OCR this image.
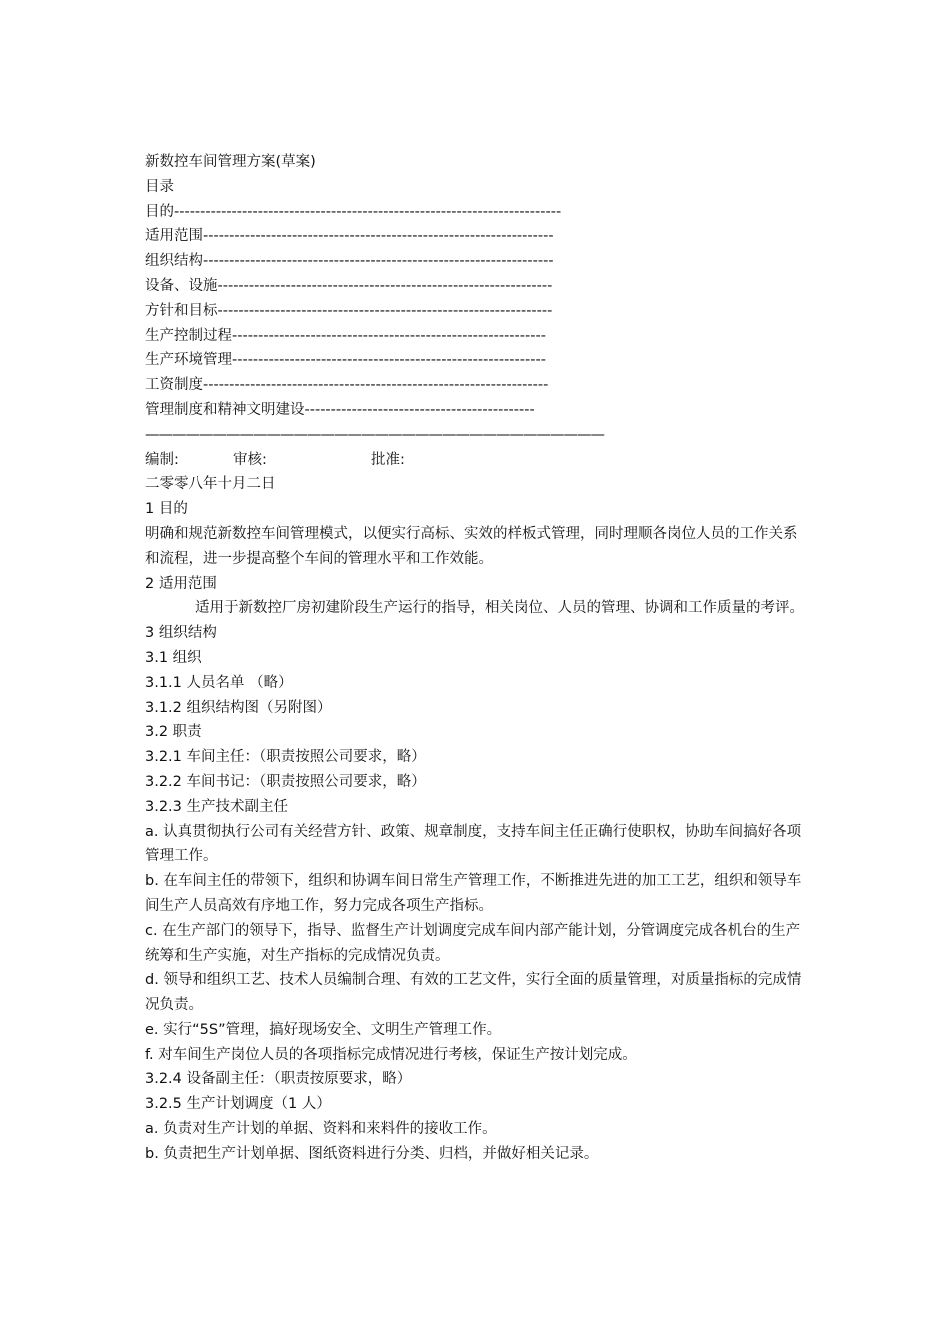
新数控车间管理方案(草案)

目录

目的--------------------------------------------------------------------------

适用范围-------------------------------------------------------------------

组织结构-------------------------------------------------------------------

设备、设施----------------------------------------------------------------

方针和目标----------------------------------------------------------------

生产控制过程------------------------------------------------------------

生产环境管理------------------------------------------------------------

工资制度------------------------------------------------------------------

管理制度和精神文明建设--------------------------------------------

——————————————————————————————————

编制:	审核:	批准:

二零零八年十月二日

1 目的

明确和规范新数控车间管理模式，以便实行高标、实效的样板式管理，同时理顺各岗位人员的工作关系和流程，进一步提高整个车间的管理水平和工作效能。

2 适用范围

适用于新数控厂房初建阶段生产运行的指导，相关岗位、人员的管理、协调和工作质量的考评。

3 组织结构

3.1 组织

3.1.1 人员名单 （略）

3.1.2 组织结构图（另附图）

3.2 职责

3.2.1 车间主任：（职责按照公司要求，略）

3.2.2 车间书记：（职责按照公司要求，略）

3.2.3 生产技术副主任

a. 认真贯彻执行公司有关经营方针、政策、规章制度，支持车间主任正确行使职权，协助车间搞好各项管理工作。

b. 在车间主任的带领下，组织和协调车间日常生产管理工作，不断推进先进的加工工艺，组织和领导车间生产人员高效有序地工作，努力完成各项生产指标。

c. 在生产部门的领导下，指导、监督生产计划调度完成车间内部产能计划，分管调度完成各机台的生产统筹和生产实施，对生产指标的完成情况负责。

d. 领导和组织工艺、技术人员编制合理、有效的工艺文件，实行全面的质量管理，对质量指标的完成情况负责。

e. 实行“5S”管理，搞好现场安全、文明生产管理工作。

f. 对车间生产岗位人员的各项指标完成情况进行考核，保证生产按计划完成。

3.2.4 设备副主任：（职责按原要求，略）

3.2.5 生产计划调度（1 人）

a. 负责对生产计划的单据、资料和来料件的接收工作。

b. 负责把生产计划单据、图纸资料进行分类、归档，并做好相关记录。
